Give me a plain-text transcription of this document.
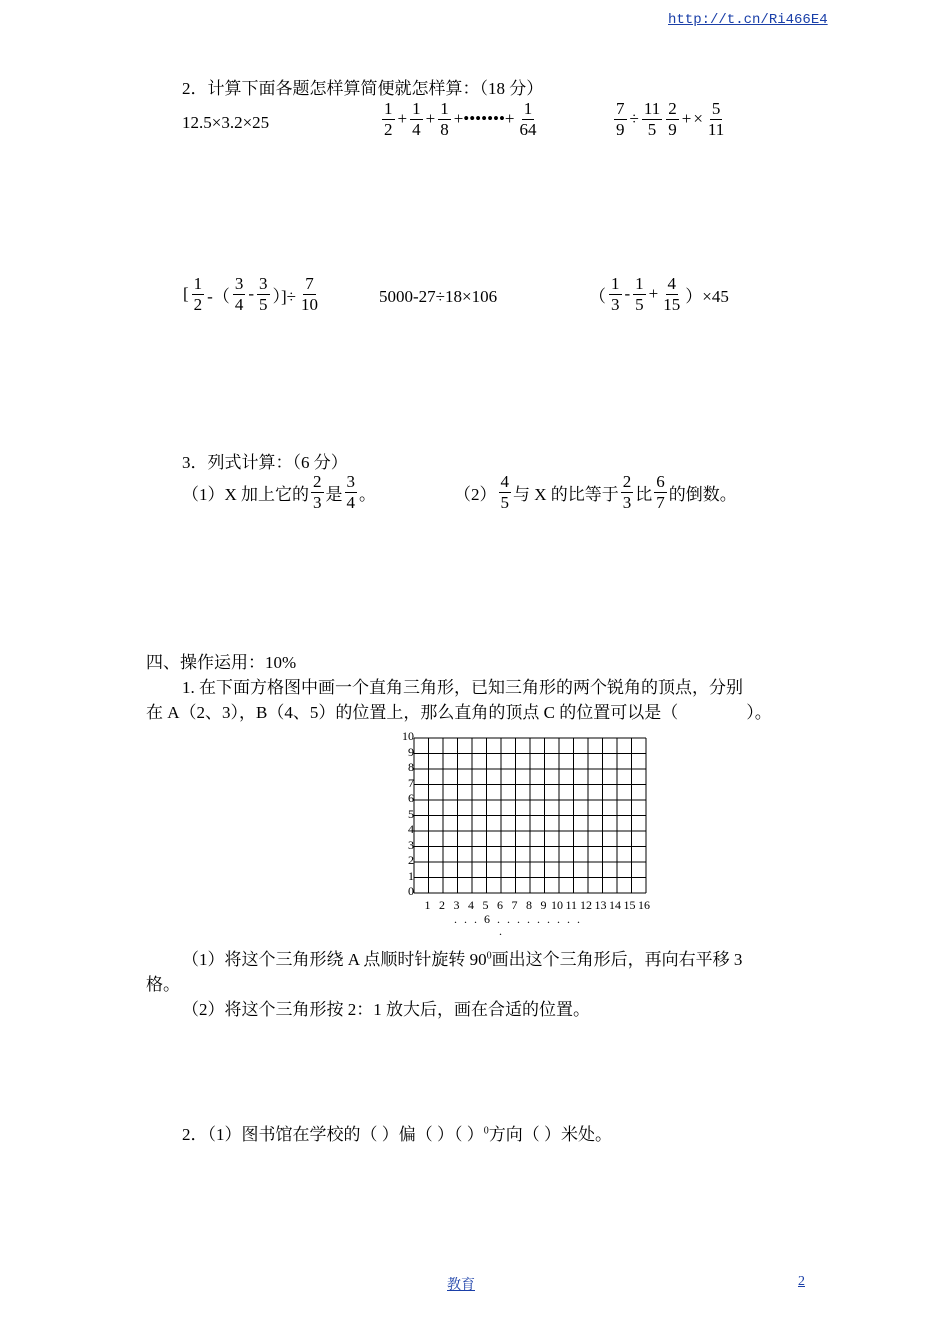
http://t.cn/Ri466E4
2．计算下面各题怎样算简便就怎样算：（18 分）
12.5×3.2×25	$\frac{1}{2} + \frac{1}{4} + \frac{1}{8}$ +•••••••+ $\frac{1}{64}$	$\frac{7}{9} \div \frac{11}{5} \frac{2}{9}$ + × $\frac{5}{11}$
[ $\frac{1}{2}$ -（ $\frac{3}{4} - \frac{3}{5}$ ）]÷ $\frac{7}{10}$	5000-27÷18×106	（ $\frac{1}{3} - \frac{1}{5} + \frac{4}{15} )\times 45$
3．列式计算：（6 分）
（1）X 加上它的 $\frac{2}{3}$ 是 $\frac{3}{4}$ 。	$(2) \frac{4}{5}$ 与 X 的比等于 $\frac{2}{3}$ 比 $\frac{6}{7}$ 的倒数。
四、操作运用：10%
1. 在下面方格图中画一个直角三角形，已知三角形的两个锐角的顶点，分别
在 A（2、3），B（4、5）的位置上，那么直角的顶点 C 的位置可以是（　　　　）。
10
9
8
7
6
5
4
3
2
1
0
1 2 3 4 5 6 7 8 9 10 11 12 13 14 15 16
. . . 6 . . . . . . . . .
.
（1）将这个三角形绕 A 点顺时针旋转 $90^0$画出这个三角形后，再向右平移 3
格。
（2）将这个三角形按 2：1 放大后，画在合适的位置。
2．（1）图书馆在学校的（ ）偏（ ）（ ）$^0$方向（ ）米处。
教育	2
